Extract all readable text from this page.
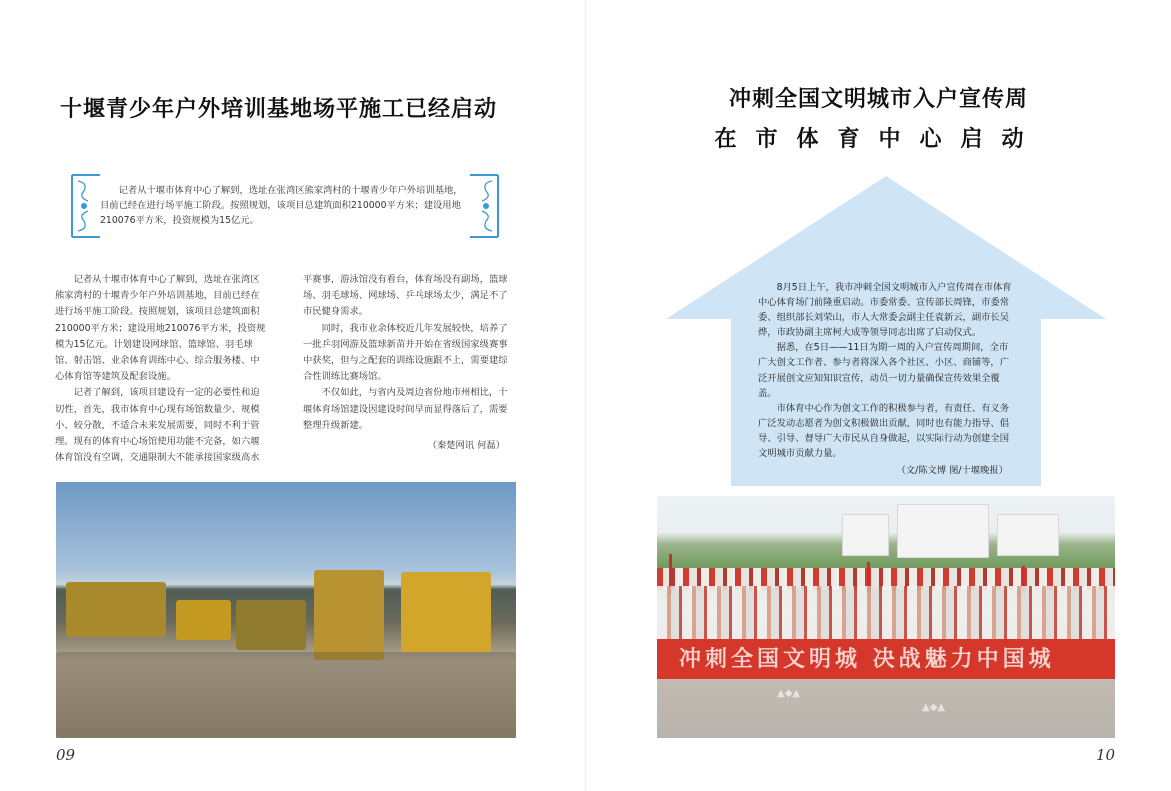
十堰青少年户外培训基地场平施工已经启动
记者从十堰市体育中心了解到，选址在张湾区熊家湾村的十堰青少年户外培训基地，目前已经在进行场平施工阶段。按照规划，该项目总建筑面积210000平方米；建设用地210076平方米，投资规模为15亿元。

记者从十堰市体育中心了解到，选址在张湾区熊家湾村的十堰青少年户外培训基地，目前已经在进行场平施工阶段。按照规划，该项目总建筑面积210000平方米；建设用地210076平方米，投资规模为15亿元。计划建设网球馆、篮球馆、羽毛球馆、射击馆、业余体育训练中心、综合服务楼、中心体育馆等建筑及配套设施。

记者了解到，该项目建设有一定的必要性和迫切性，首先，我市体育中心现有场馆数量少、规模小、较分散，不适合未来发展需要，同时不利于管理。现有的体育中心场馆使用功能不完备，如六堰体育馆没有空调，交通限制大不能承接国家级高水

平赛事，游泳馆没有看台，体育场没有副场，篮球场、羽毛球场、网球场、乒乓球场太少，满足不了市民健身需求。

同时，我市业余体校近几年发展较快，培养了一批乒羽网游及篮球新苗并开始在省级国家级赛事中获奖，但与之配套的训练设施跟不上，需要建综合性训练比赛场馆。

不仅如此，与省内及周边省份地市州相比，十堰体育场馆建设因建设时间早而显得落后了，需要整理升级新建。

（秦楚网讯 何磊）
09
冲刺全国文明城市入户宣传周
在市体育中心启动

8月5日上午，我市冲刺全国文明城市入户宣传周在市体育中心体育场门前隆重启动。市委常委、宣传部长周锋，市委常委、组织部长刘荣山，市人大常委会副主任袁新云，副市长吴烨，市政协副主席柯大成等领导同志出席了启动仪式。

据悉，在5日——11日为期一周的入户宣传周期间，全市广大创文工作者、参与者将深入各个社区、小区、商铺等，广泛开展创文应知知识宣传，动员一切力量确保宣传效果全覆盖。

市体育中心作为创文工作的积极参与者，有责任、有义务广泛发动志愿者为创文积极做出贡献，同时也有能力指导、倡导、引导、督导广大市民从自身做起，以实际行动为创建全国文明城市贡献力量。

（文/陈文博 图/十堰晚报）
冲刺全国文明城 决战魅力中国城
▲◆▲
▲◆▲
10
